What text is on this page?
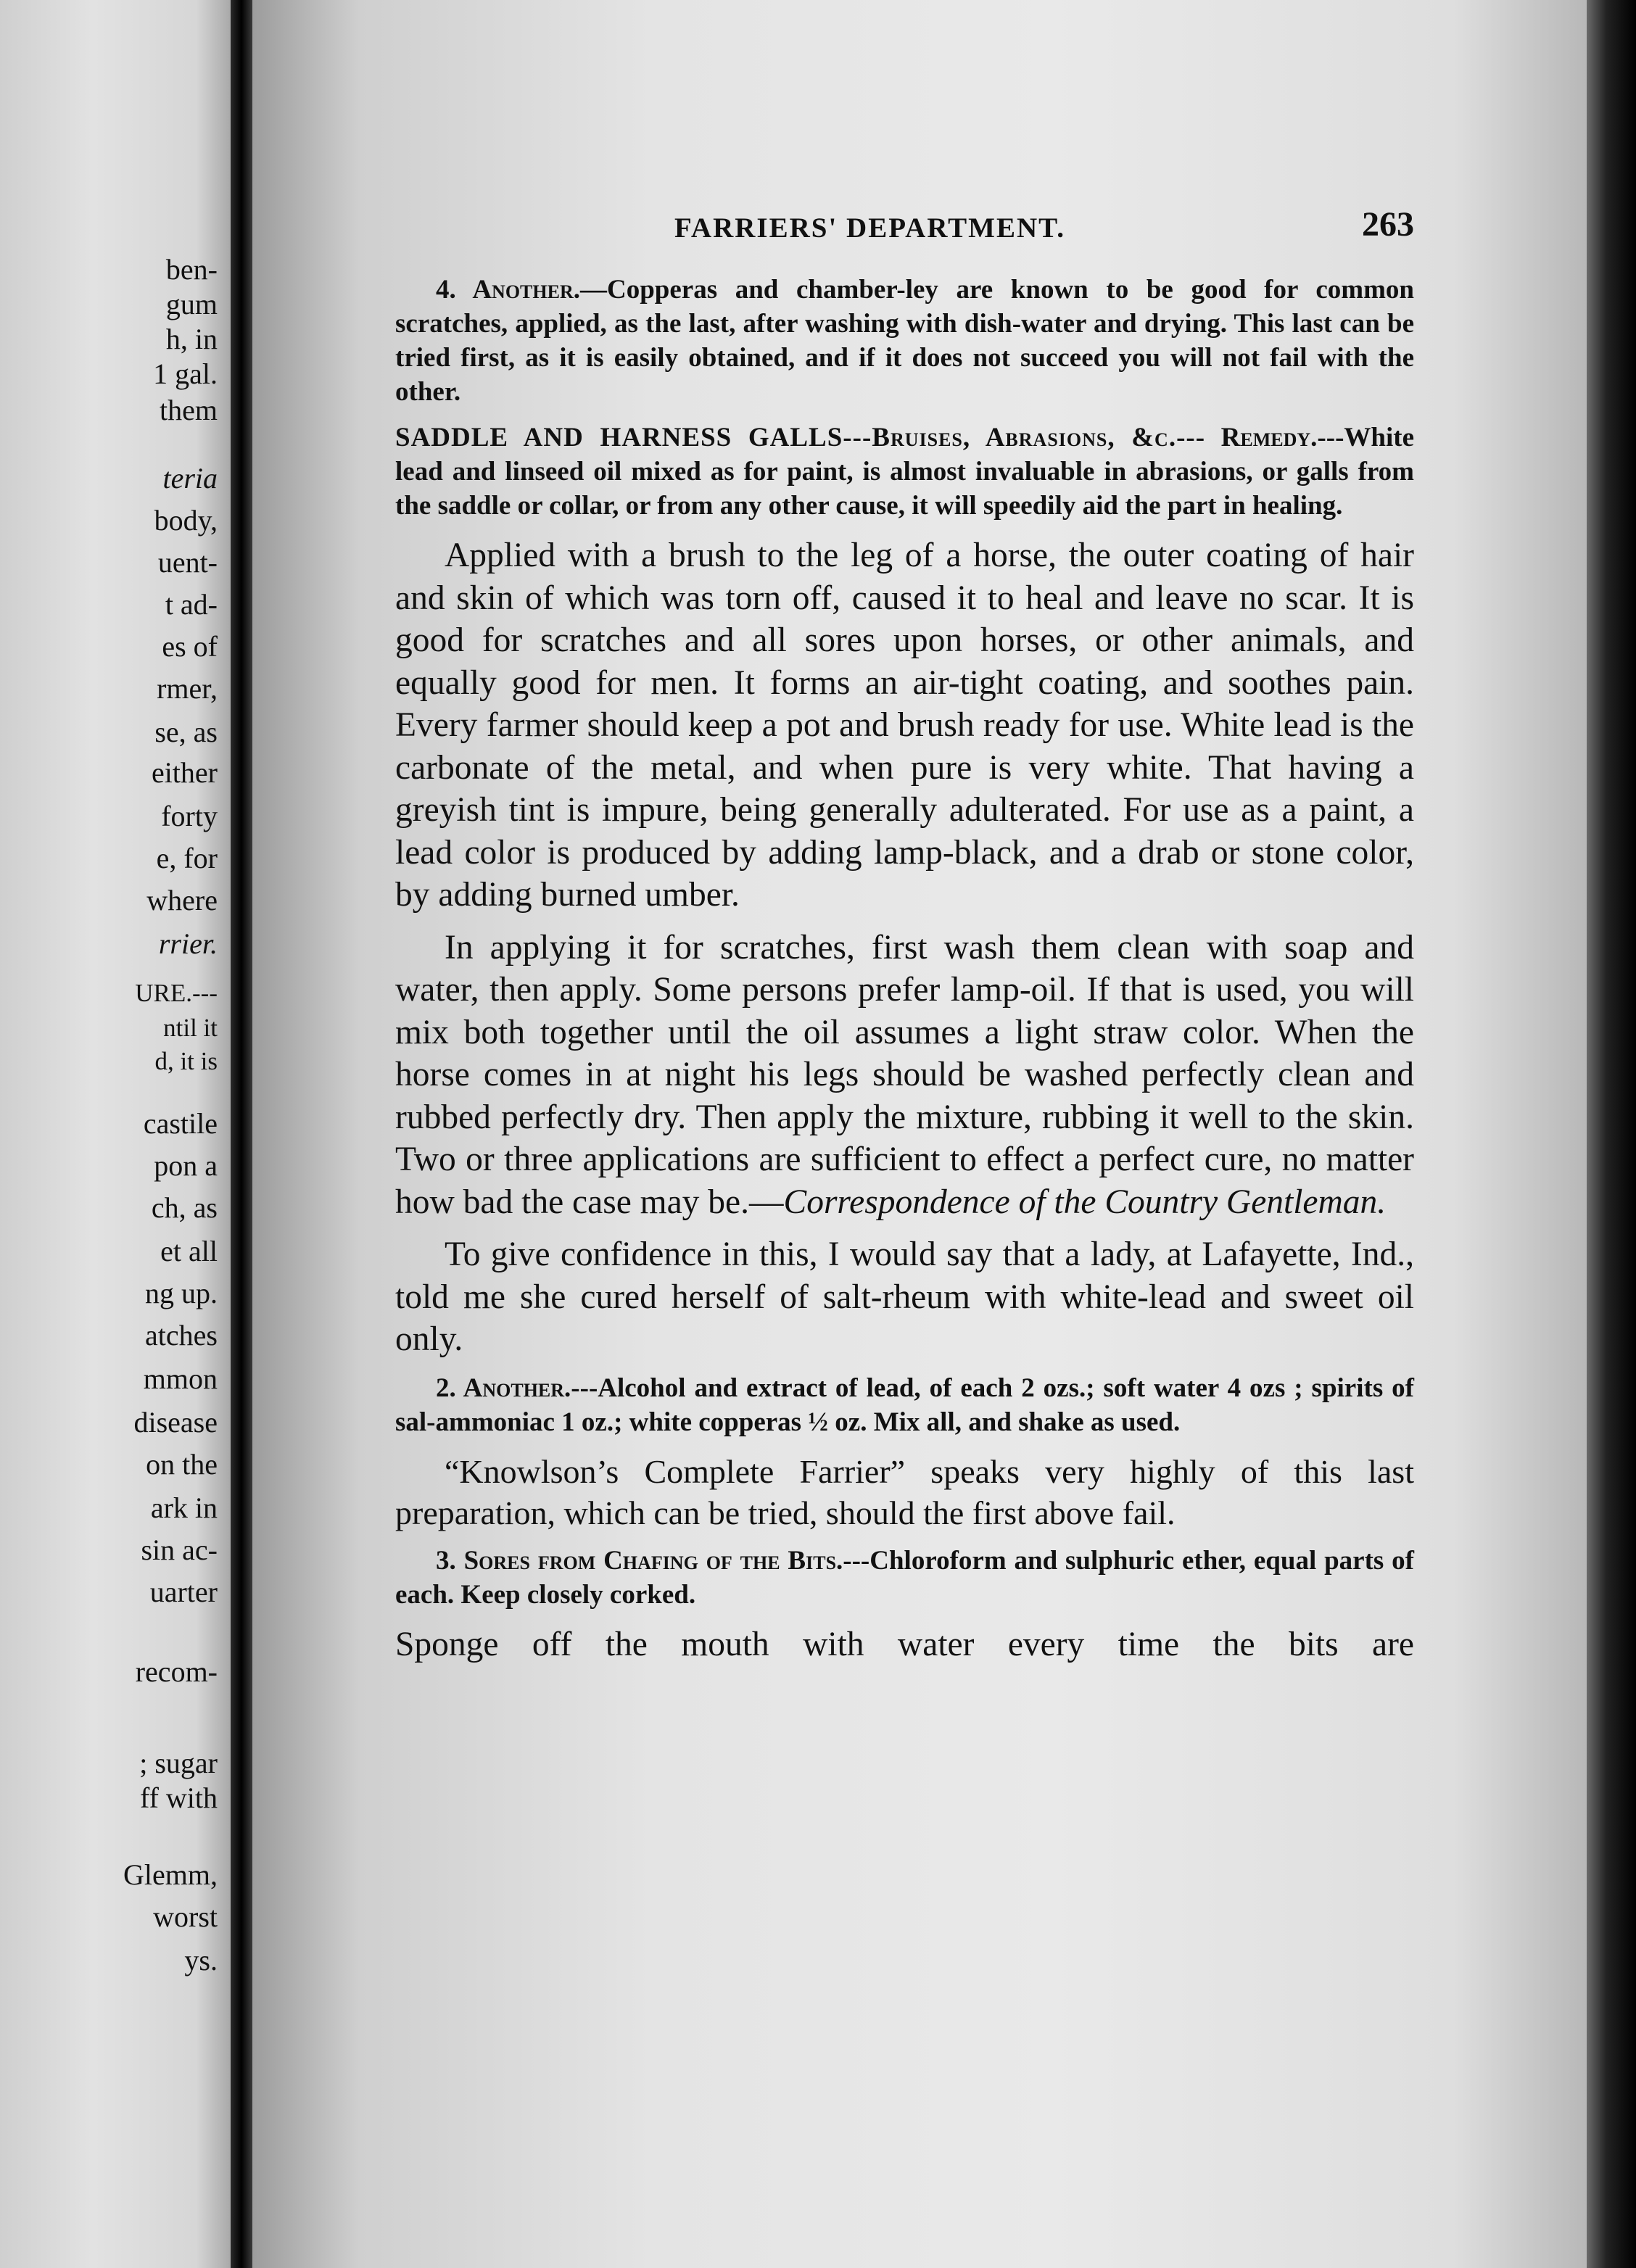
ben-
gum
h, in
1 gal.
them
teria
body,
uent-
t ad-
es of
rmer,
se, as
either
forty
e, for
where
rrier.
URE.---
ntil it
d, it is
castile
pon a
ch, as
et all
ng up.
atches
mmon
disease
on the
ark in
sin ac-
uarter
recom-
; sugar
ff with
Glemm,
worst
ys.
FARRIERS' DEPARTMENT.	263

4. Another.—Copperas and chamber-ley are known to be good for common scratches, applied, as the last, after washing with dish-water and drying. This last can be tried first, as it is easily obtained, and if it does not succeed you will not fail with the other.

SADDLE AND HARNESS GALLS---Bruises, Abrasions, &c.--- Remedy.---White lead and linseed oil mixed as for paint, is almost invaluable in abrasions, or galls from the saddle or collar, or from any other cause, it will speedily aid the part in healing.

Applied with a brush to the leg of a horse, the outer coating of hair and skin of which was torn off, caused it to heal and leave no scar. It is good for scratches and all sores upon horses, or other animals, and equally good for men. It forms an air-tight coating, and soothes pain. Every farmer should keep a pot and brush ready for use. White lead is the carbonate of the metal, and when pure is very white. That having a greyish tint is impure, being generally adulterated. For use as a paint, a lead color is produced by adding lamp-black, and a drab or stone color, by adding burned umber.

In applying it for scratches, first wash them clean with soap and water, then apply. Some persons prefer lamp-oil. If that is used, you will mix both together until the oil assumes a light straw color. When the horse comes in at night his legs should be washed perfectly clean and rubbed perfectly dry. Then apply the mixture, rubbing it well to the skin. Two or three applications are sufficient to effect a perfect cure, no matter how bad the case may be.—Correspondence of the Country Gentleman.

To give confidence in this, I would say that a lady, at Lafayette, Ind., told me she cured herself of salt-rheum with white-lead and sweet oil only.

2. Another.---Alcohol and extract of lead, of each 2 ozs.; soft water 4 ozs ; spirits of sal-ammoniac 1 oz.; white copperas ½ oz. Mix all, and shake as used.

“Knowlson’s Complete Farrier” speaks very highly of this last preparation, which can be tried, should the first above fail.

3. Sores from Chafing of the Bits.---Chloroform and sulphuric ether, equal parts of each. Keep closely corked.

Sponge off the mouth with water every time the bits are
